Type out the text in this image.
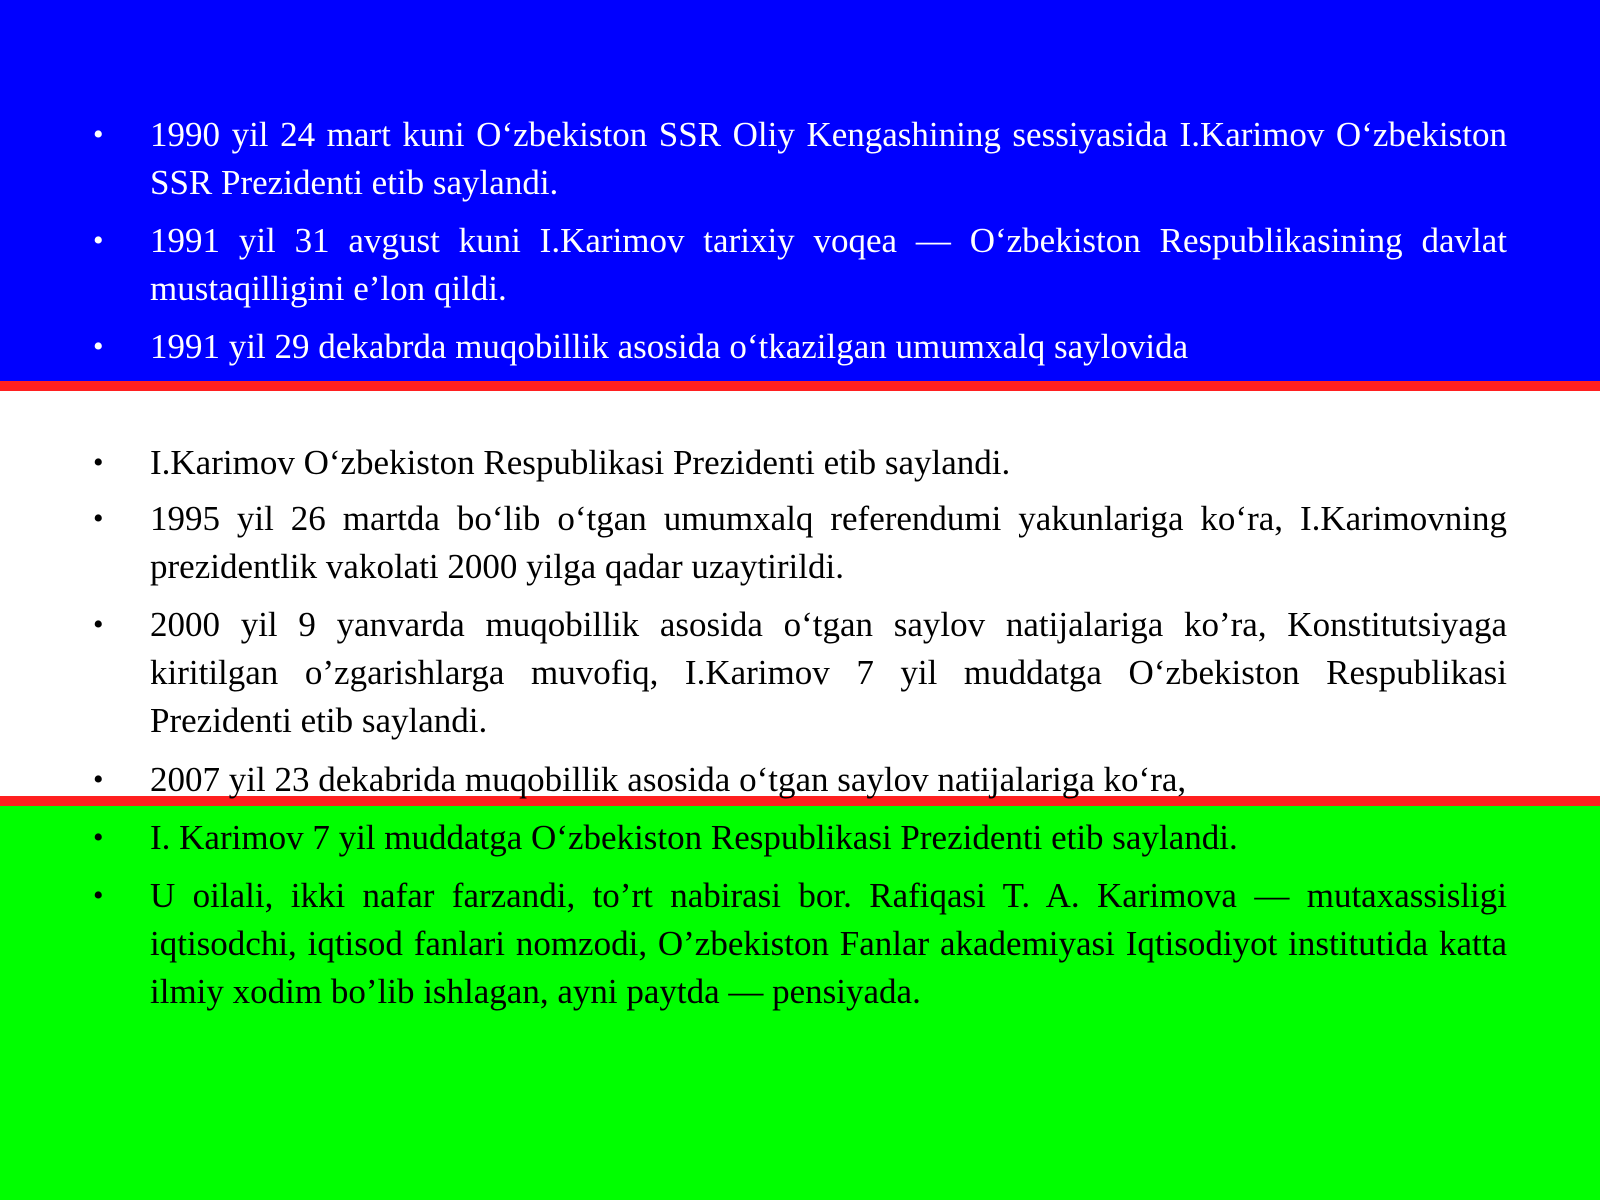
• 1990 yil 24 mart kuni O‘zbekiston SSR Oliy Kengashining sessiyasida I.Karimov O‘zbekiston SSR Prezidenti etib saylandi.
• 1991 yil 31 avgust kuni I.Karimov tarixiy voqea — O‘zbekiston Respublikasining davlat mustaqilligini e’lon qildi.
• 1991 yil 29 dekabrda muqobillik asosida o‘tkazilgan umumxalq saylovida
• I.Karimov O‘zbekiston Respublikasi Prezidenti etib saylandi.
• 1995 yil 26 martda bo‘lib o‘tgan umumxalq referendumi yakunlariga ko‘ra, I.Karimovning prezidentlik vakolati 2000 yilga qadar uzaytirildi.
• 2000 yil 9 yanvarda muqobillik asosida o‘tgan saylov natijalariga ko’ra, Konstitutsiyaga kiritilgan o’zgarishlarga muvofiq, I.Karimov 7 yil muddatga O‘zbekiston Respublikasi Prezidenti etib saylandi.
• 2007 yil 23 dekabrida muqobillik asosida o‘tgan saylov natijalariga ko‘ra,
• I. Karimov 7 yil muddatga O‘zbekiston Respublikasi Prezidenti etib saylandi.
• U oilali, ikki nafar farzandi, to’rt nabirasi bor. Rafiqasi T. A. Karimova — mutaxassisligi iqtisodchi, iqtisod fanlari nomzodi, O’zbekiston Fanlar akademiyasi Iqtisodiyot institutida katta ilmiy xodim bo’lib ishlagan, ayni paytda — pensiyada.
